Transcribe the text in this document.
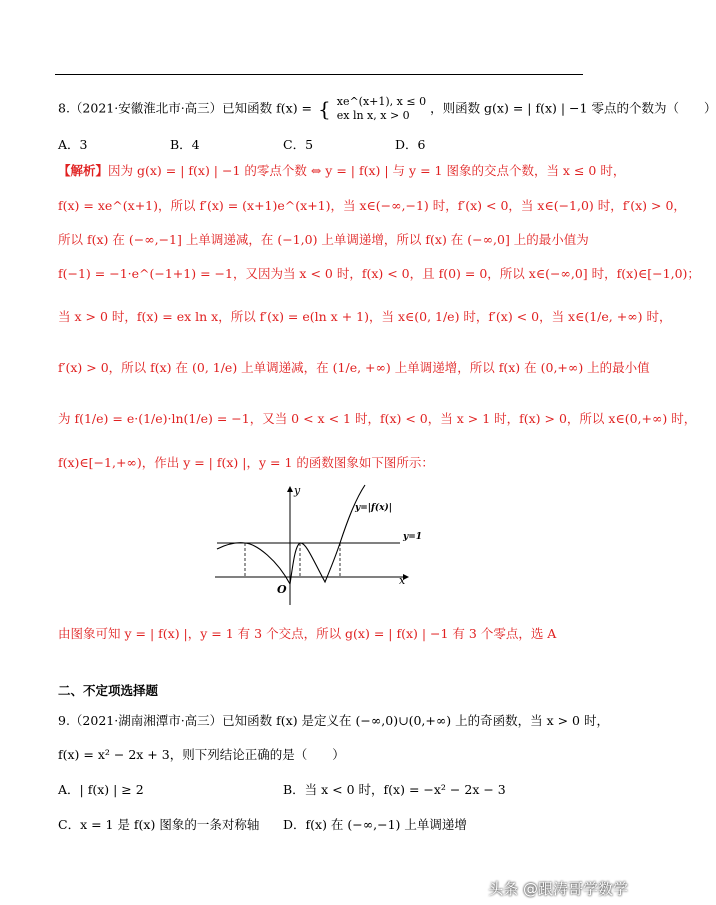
8.（2021·安徽淮北市·高三）已知函数 f(x) = { xe^(x+1), x ≤ 0
ex ln x, x > 0	，则函数 g(x) = | f(x) | −1 零点的个数为（　　）
A．3	B．4	C．5	D．6
【解析】因为 g(x) = | f(x) | −1 的零点个数 ⇔ y = | f(x) | 与 y = 1 图象的交点个数，当 x ≤ 0 时，
f(x) = xe^(x+1)，所以 f′(x) = (x+1)e^(x+1)，当 x∈(−∞,−1) 时，f′(x) < 0，当 x∈(−1,0) 时，f′(x) > 0，
所以 f(x) 在 (−∞,−1] 上单调递减，在 (−1,0) 上单调递增，所以 f(x) 在 (−∞,0] 上的最小值为
f(−1) = −1·e^(−1+1) = −1，又因为当 x < 0 时，f(x) < 0，且 f(0) = 0，所以 x∈(−∞,0] 时，f(x)∈[−1,0)；
当 x > 0 时，f(x) = ex ln x，所以 f′(x) = e(ln x + 1)，当 x∈(0, 1/e) 时，f′(x) < 0，当 x∈(1/e, +∞) 时，
f′(x) > 0，所以 f(x) 在 (0, 1/e) 上单调递减，在 (1/e, +∞) 上单调递增，所以 f(x) 在 (0,+∞) 上的最小值
为 f(1/e) = e·(1/e)·ln(1/e) = −1，又当 0 < x < 1 时，f(x) < 0，当 x > 1 时，f(x) > 0，所以 x∈(0,+∞) 时，
f(x)∈[−1,+∞)，作出 y = | f(x) |，y = 1 的函数图象如下图所示：
y
x
O
y=|f(x)|
y=1
由图象可知 y = | f(x) |，y = 1 有 3 个交点，所以 g(x) = | f(x) | −1 有 3 个零点，选 A
二、不定项选择题
9.（2021·湖南湘潭市·高三）已知函数 f(x) 是定义在 (−∞,0)∪(0,+∞) 上的奇函数，当 x > 0 时，
f(x) = x² − 2x + 3，则下列结论正确的是（　　）
A．| f(x) | ≥ 2	B．当 x < 0 时，f(x) = −x² − 2x − 3
C．x = 1 是 f(x) 图象的一条对称轴 D．f(x) 在 (−∞,−1) 上单调递增
头条 @跟涛哥学数学
